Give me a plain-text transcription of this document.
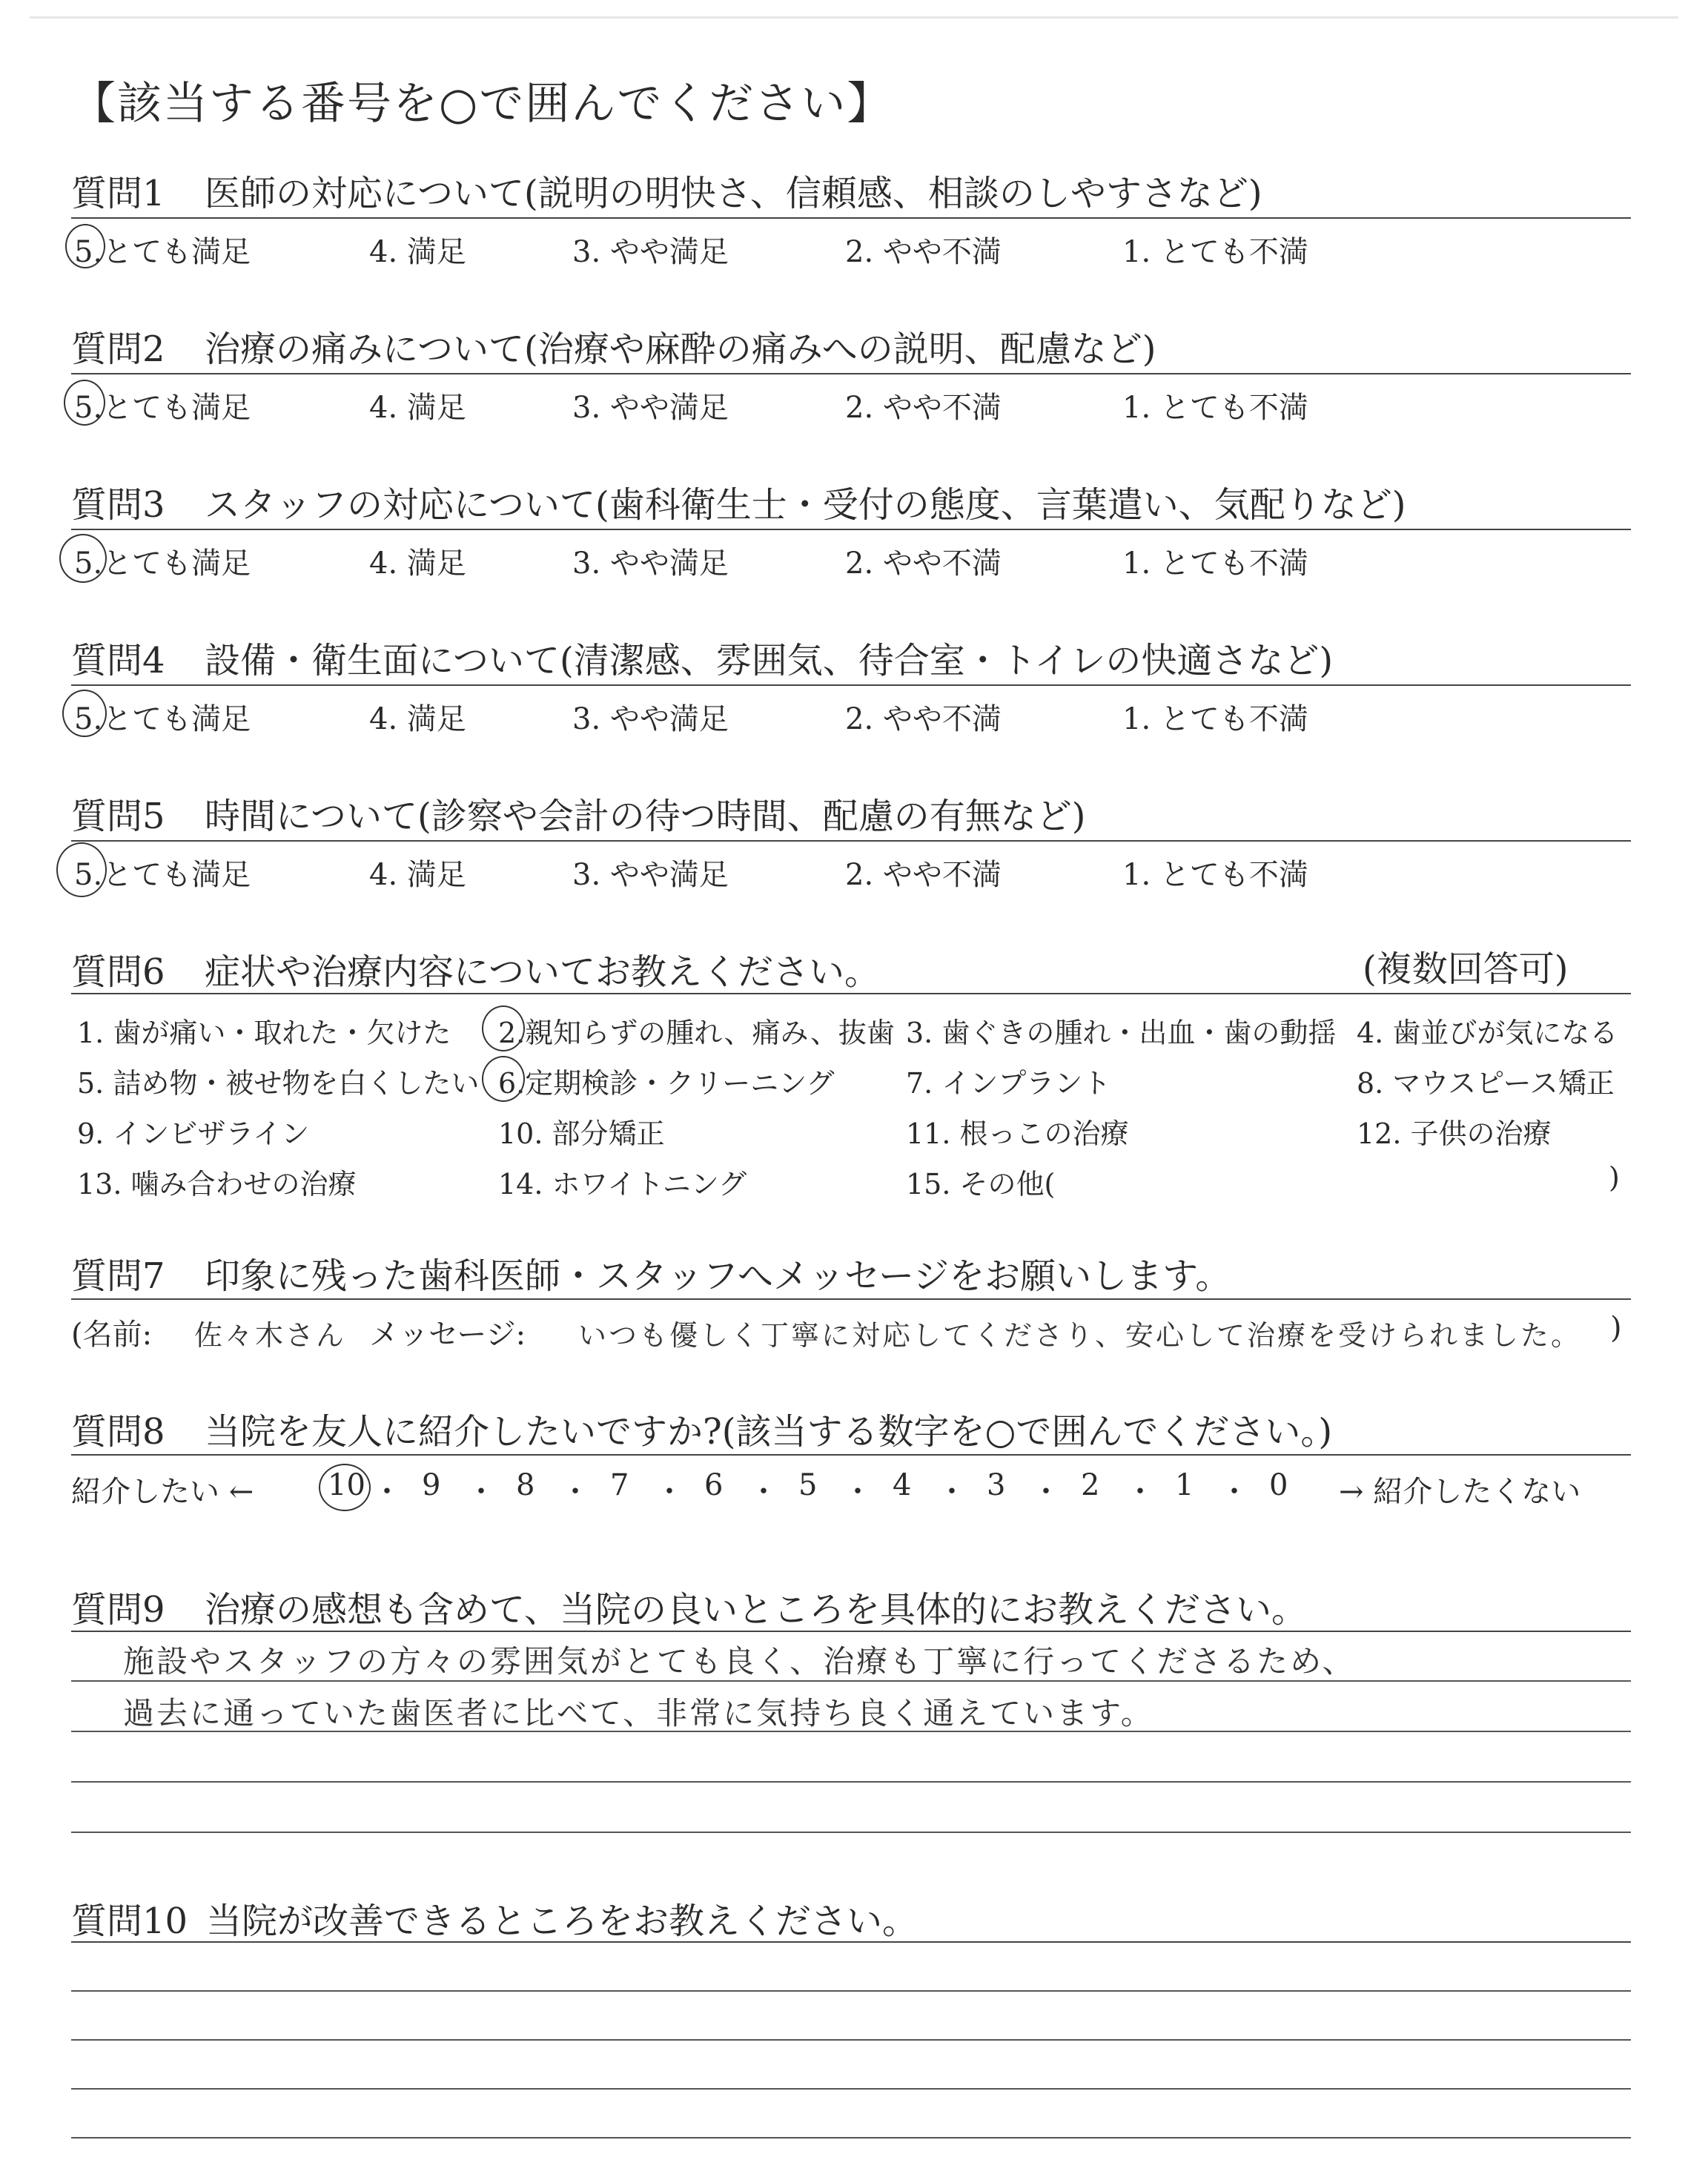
【該当する番号を○で囲んでください】
質問1 医師の対応について(説明の明快さ、信頼感、相談のしやすさなど)
5.とても満足	4. 満足	3. やや満足	2. やや不満	1. とても不満
質問2 治療の痛みについて(治療や麻酔の痛みへの説明、配慮など)
5.とても満足	4. 満足	3. やや満足	2. やや不満	1. とても不満
質問3 スタッフの対応について(歯科衛生士・受付の態度、言葉遣い、気配りなど)
5.とても満足	4. 満足	3. やや満足	2. やや不満	1. とても不満
質問4 設備・衛生面について(清潔感、雰囲気、待合室・トイレの快適さなど)
5.とても満足	4. 満足	3. やや満足	2. やや不満	1. とても不満
質問5 時間について(診察や会計の待つ時間、配慮の有無など)
5.とても満足	4. 満足	3. やや満足	2. やや不満	1. とても不満
質問6 症状や治療内容についてお教えください。	(複数回答可)
1. 歯が痛い・取れた・欠けた 2.親知らずの腫れ、痛み、抜歯 3. 歯ぐきの腫れ・出血・歯の動揺 4. 歯並びが気になる
5. 詰め物・被せ物を白くしたい 6.定期検診・クリーニング	7. インプラント	8. マウスピース矯正
9. インビザライン	10. 部分矯正	11. 根っこの治療	12. 子供の治療
13. 噛み合わせの治療	14. ホワイトニング	15. その他(	)
質問7 印象に残った歯科医師・スタッフへメッセージをお願いします。
(名前: 佐々木さん メッセージ: いつも優しく丁寧に対応してくださり、安心して治療を受けられました。 )
質問8 当院を友人に紹介したいですか?(該当する数字を○で囲んでください。)
紹介したい ←	→ 紹介したくない
10 ・ 9 ・ 8 ・ 7 ・ 6 ・ 5 ・ 4 ・ 3 ・ 2 ・ 1 ・ 0
質問9 治療の感想も含めて、当院の良いところを具体的にお教えください。
施設やスタッフの方々の雰囲気がとても良く、治療も丁寧に行ってくださるため、
過去に通っていた歯医者に比べて、非常に気持ち良く通えています。
質問10 当院が改善できるところをお教えください。
